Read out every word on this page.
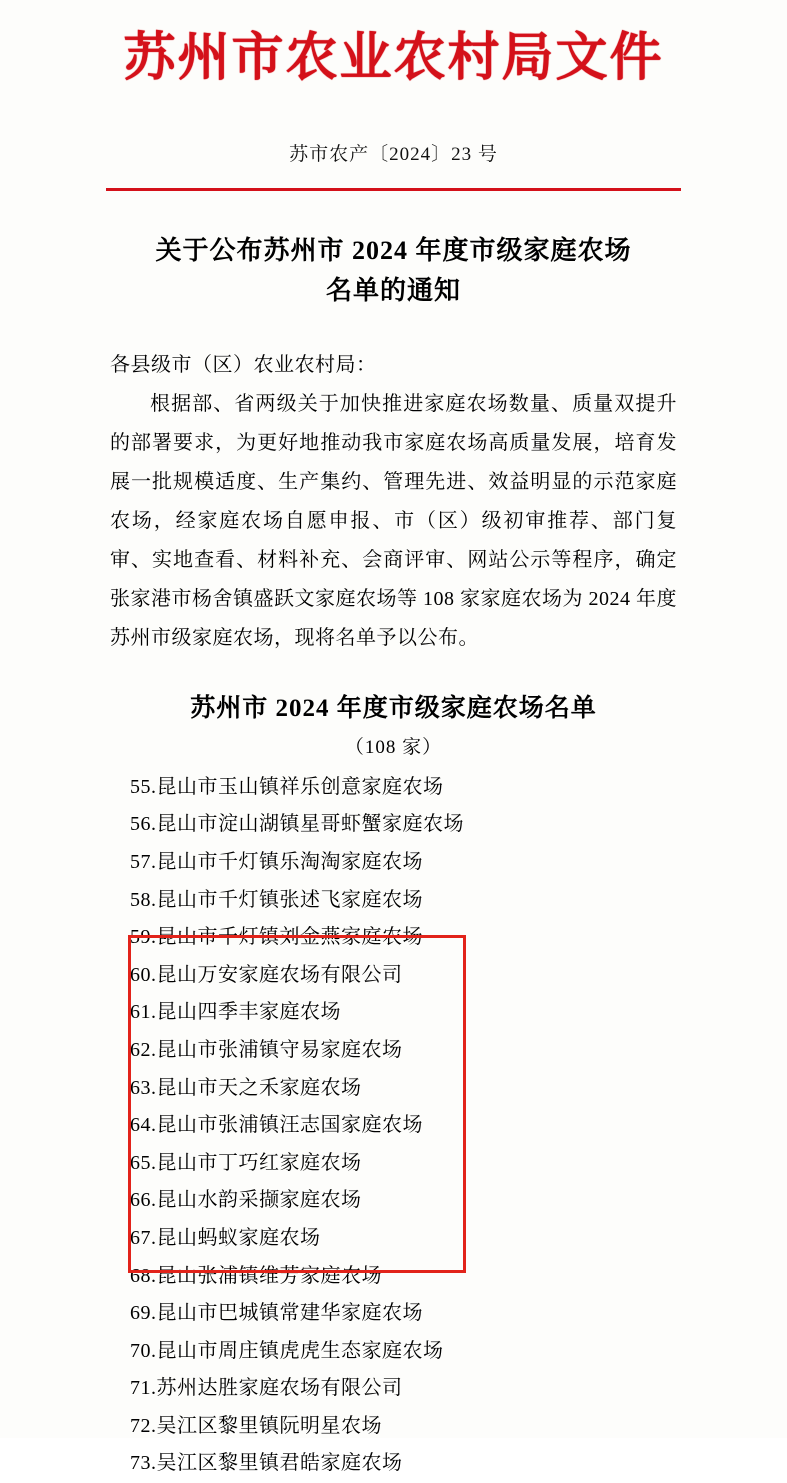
苏州市农业农村局文件
苏市农产〔2024〕23 号
关于公布苏州市 2024 年度市级家庭农场
名单的通知

各县级市（区）农业农村局：

根据部、省两级关于加快推进家庭农场数量、质量双提升的部署要求，为更好地推动我市家庭农场高质量发展，培育发展一批规模适度、生产集约、管理先进、效益明显的示范家庭农场，经家庭农场自愿申报、市（区）级初审推荐、部门复审、实地查看、材料补充、会商评审、网站公示等程序，确定张家港市杨舍镇盛跃文家庭农场等 108 家家庭农场为 2024 年度苏州市级家庭农场，现将名单予以公布。

苏州市 2024 年度市级家庭农场名单
（108 家）
55.昆山市玉山镇祥乐创意家庭农场
56.昆山市淀山湖镇星哥虾蟹家庭农场
57.昆山市千灯镇乐淘淘家庭农场
58.昆山市千灯镇张述飞家庭农场
59.昆山市千灯镇刘金燕家庭农场
60.昆山万安家庭农场有限公司
61.昆山四季丰家庭农场
62.昆山市张浦镇守易家庭农场
63.昆山市天之禾家庭农场
64.昆山市张浦镇汪志国家庭农场
65.昆山市丁巧红家庭农场
66.昆山水韵采撷家庭农场
67.昆山蚂蚁家庭农场
68.昆山张浦镇维芳家庭农场
69.昆山市巴城镇常建华家庭农场
70.昆山市周庄镇虎虎生态家庭农场
71.苏州达胜家庭农场有限公司
72.吴江区黎里镇阮明星农场
73.吴江区黎里镇君皓家庭农场
